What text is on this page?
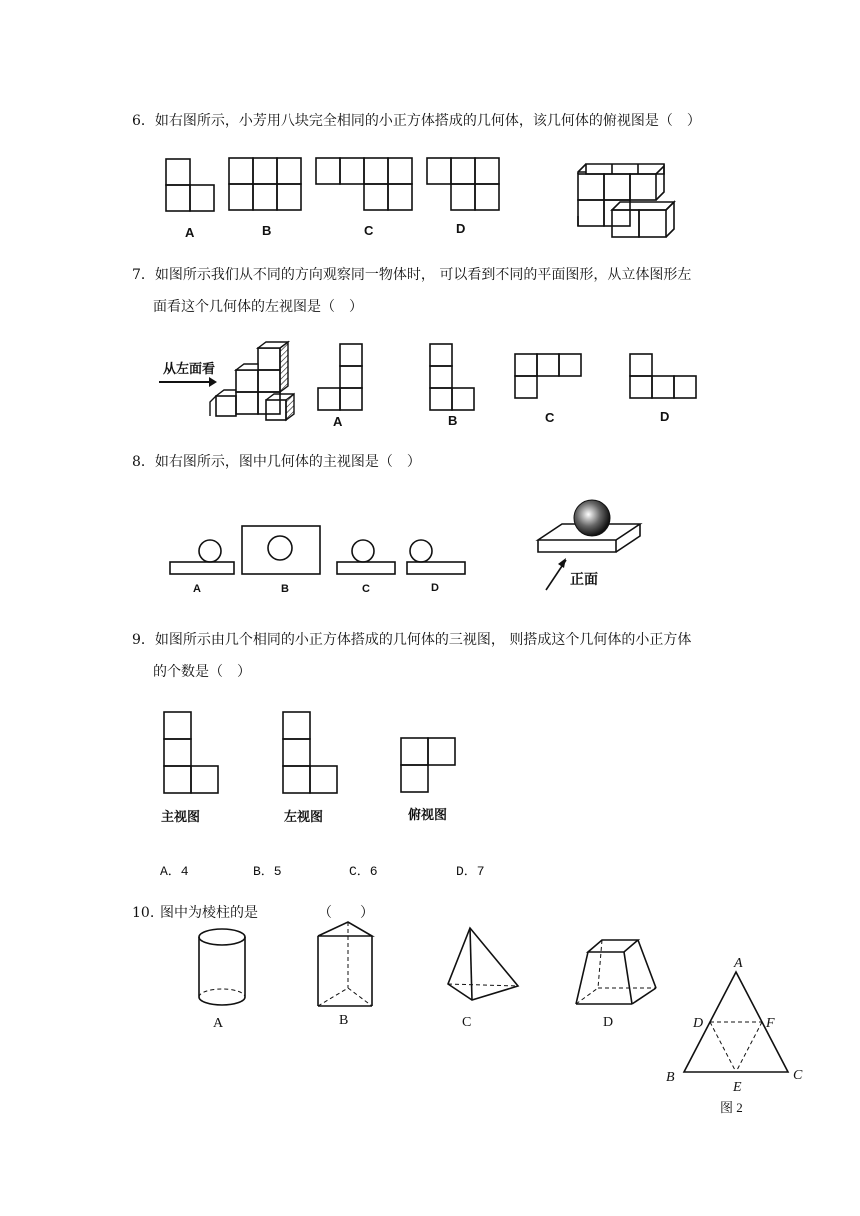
6．如右图所示，小芳用八块完全相同的小正方体搭成的几何体，该几何体的俯视图是（　）
A	B	C	D
7．如图所示我们从不同的方向观察同一物体时， 可以看到不同的平面图形，从立体图形左
面看这个几何体的左视图是（　）
从左面看
A	B	C	D
8．如右图所示，图中几何体的主视图是（　）
A	B	C	D
正面
9．如图所示由几个相同的小正方体搭成的几何体的三视图， 则搭成这个几何体的小正方体
的个数是（　）
主视图	左视图	俯视图
A．4	B．5	C．6	D．7
10. 图中为棱柱的是	（　　）
A	B	C	D
A
B	C
D
E
F
图 2
